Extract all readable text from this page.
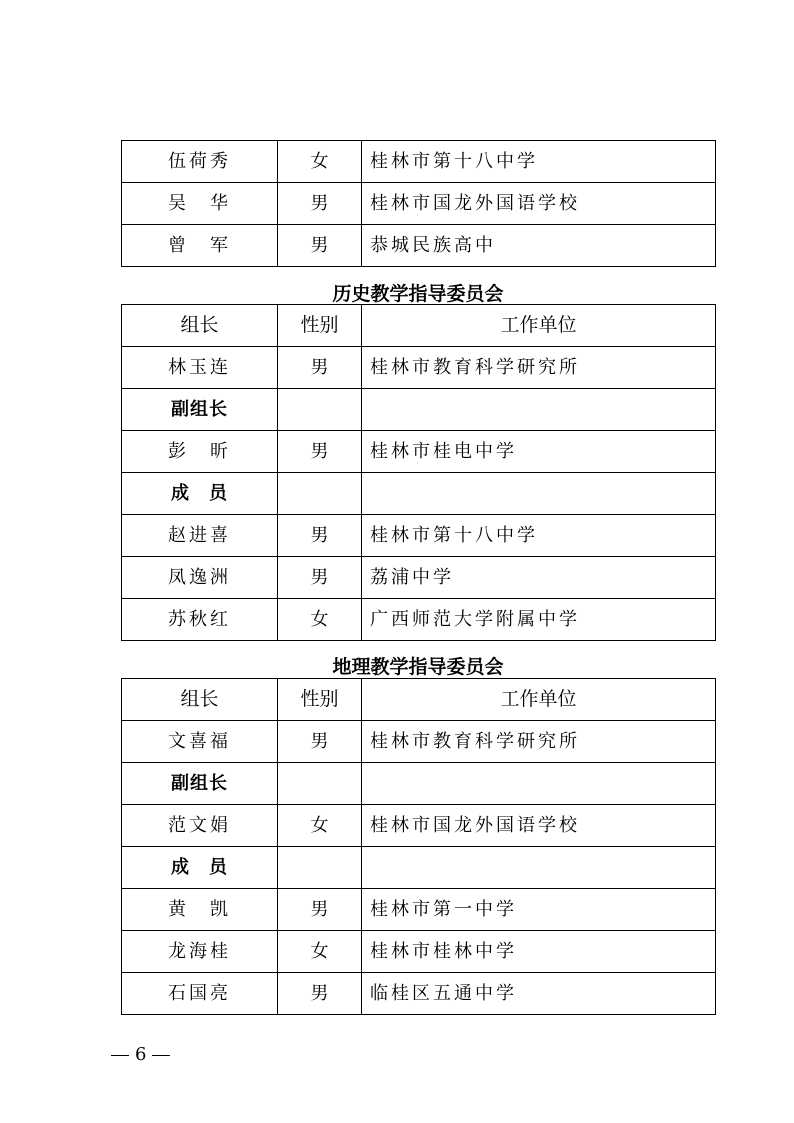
伍荷秀	女	桂林市第十八中学
吴　华	男	桂林市国龙外国语学校
曾　军	男	恭城民族高中
历史教学指导委员会
组长	性别	工作单位
林玉连	男	桂林市教育科学研究所
副组长		
彭　昕	男	桂林市桂电中学
成　员		
赵进喜	男	桂林市第十八中学
凤逸洲	男	荔浦中学
苏秋红	女	广西师范大学附属中学
地理教学指导委员会
组长	性别	工作单位
文喜福	男	桂林市教育科学研究所
副组长		
范文娟	女	桂林市国龙外国语学校
成　员		
黄　凯	男	桂林市第一中学
龙海桂	女	桂林市桂林中学
石国亮	男	临桂区五通中学
6
